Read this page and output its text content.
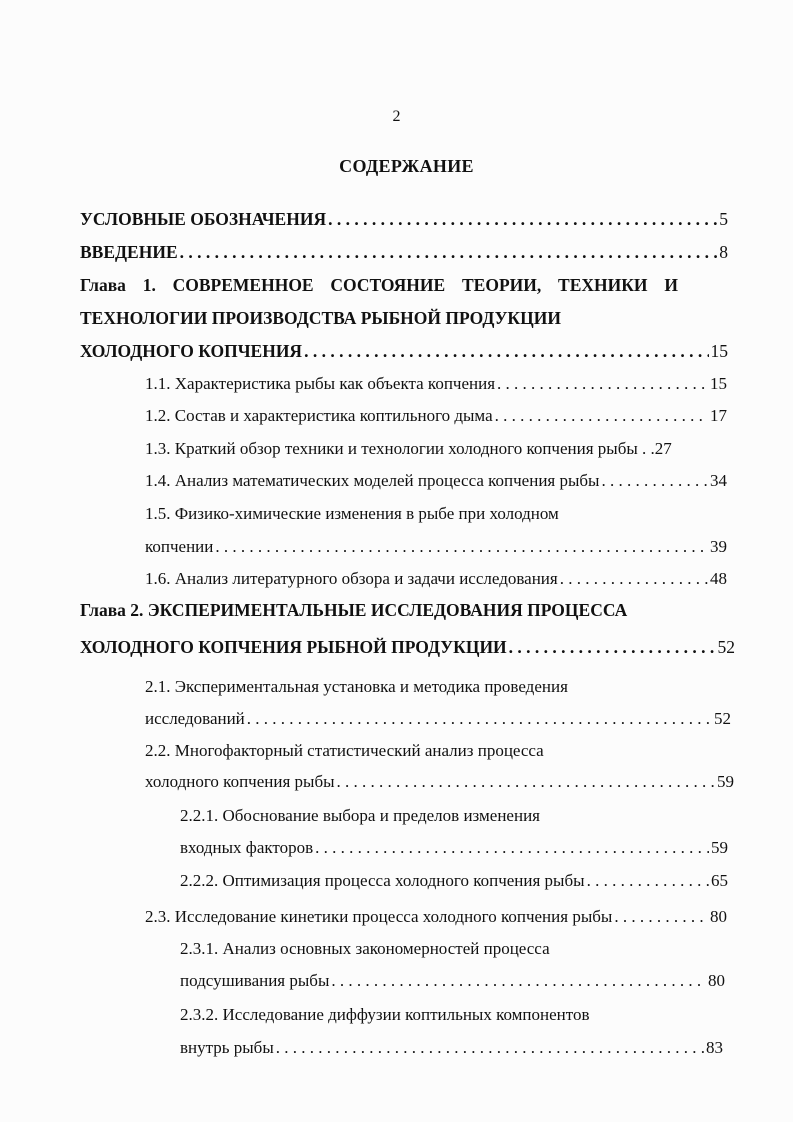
2
СОДЕРЖАНИЕ
УСЛОВНЫЕ ОБОЗНАЧЕНИЯ . . .	5
ВВЕДЕНИЕ . . .	8
Глава 1. СОВРЕМЕННОЕ СОСТОЯНИЕ ТЕОРИИ, ТЕХНИКИ И
ТЕХНОЛОГИИ ПРОИЗВОДСТВА РЫБНОЙ ПРОДУКЦИИ
ХОЛОДНОГО КОПЧЕНИЯ . . .	15
1.1. Характеристика рыбы как объекта копчения . . .	15
1.2. Состав и характеристика коптильного дыма . . .	17
1.3. Краткий обзор техники и технологии холодного копчения рыбы . . 27
1.4. Анализ математических моделей процесса копчения рыбы . . .	34
1.5. Физико-химические изменения в рыбе при холодном
копчении . . .	39
1.6. Анализ литературного обзора и задачи исследования . . .	48
Глава 2. ЭКСПЕРИМЕНТАЛЬНЫЕ ИССЛЕДОВАНИЯ ПРОЦЕССА
ХОЛОДНОГО КОПЧЕНИЯ РЫБНОЙ ПРОДУКЦИИ . . .	52
2.1. Экспериментальная установка и методика проведения
исследований . . .	52
2.2. Многофакторный статистический анализ процесса
холодного копчения рыбы . . .	59
2.2.1. Обоснование выбора и пределов изменения
входных факторов . . .	59
2.2.2. Оптимизация процесса холодного копчения рыбы . . .	65
2.3. Исследование кинетики процесса холодного копчения рыбы . . .	80
2.3.1. Анализ основных закономерностей процесса
подсушивания рыбы . . .	80
2.3.2. Исследование диффузии коптильных компонентов
внутрь рыбы . . .	83
